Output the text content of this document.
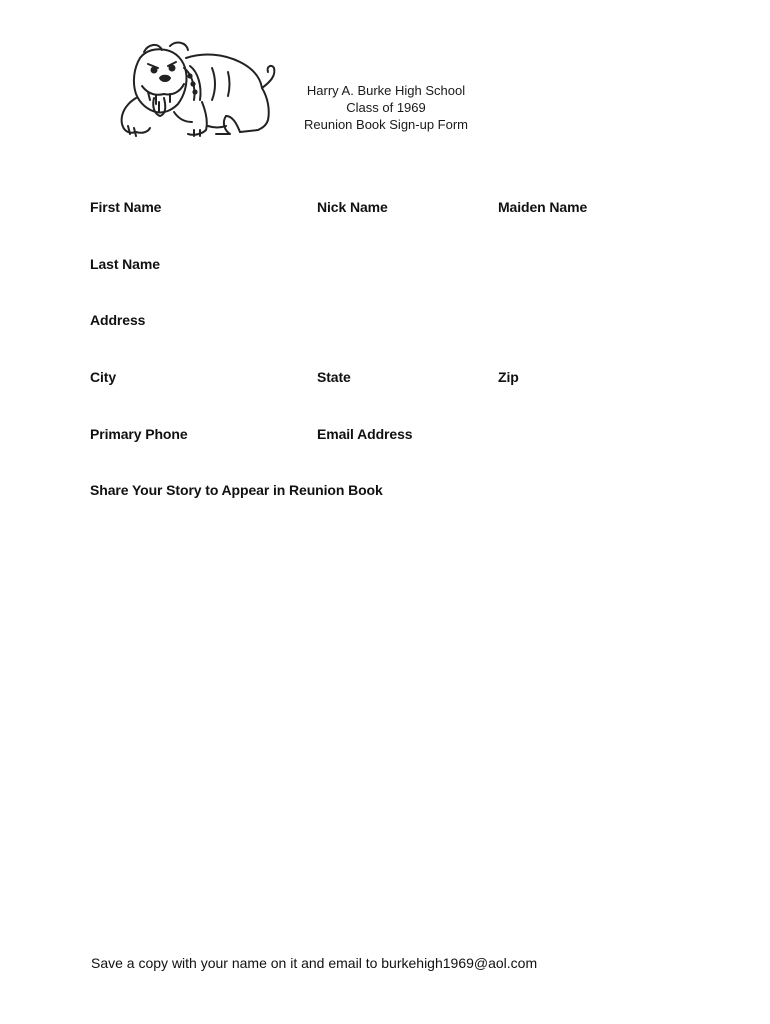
Harry A. Burke High School
Class of 1969
Reunion Book Sign-up Form
First Name	Nick Name	Maiden Name
Last Name
Address
City	State	Zip
Primary Phone	Email Address
Share Your Story to Appear in Reunion Book
Save a copy with your name on it and email to burkehigh1969@aol.com
